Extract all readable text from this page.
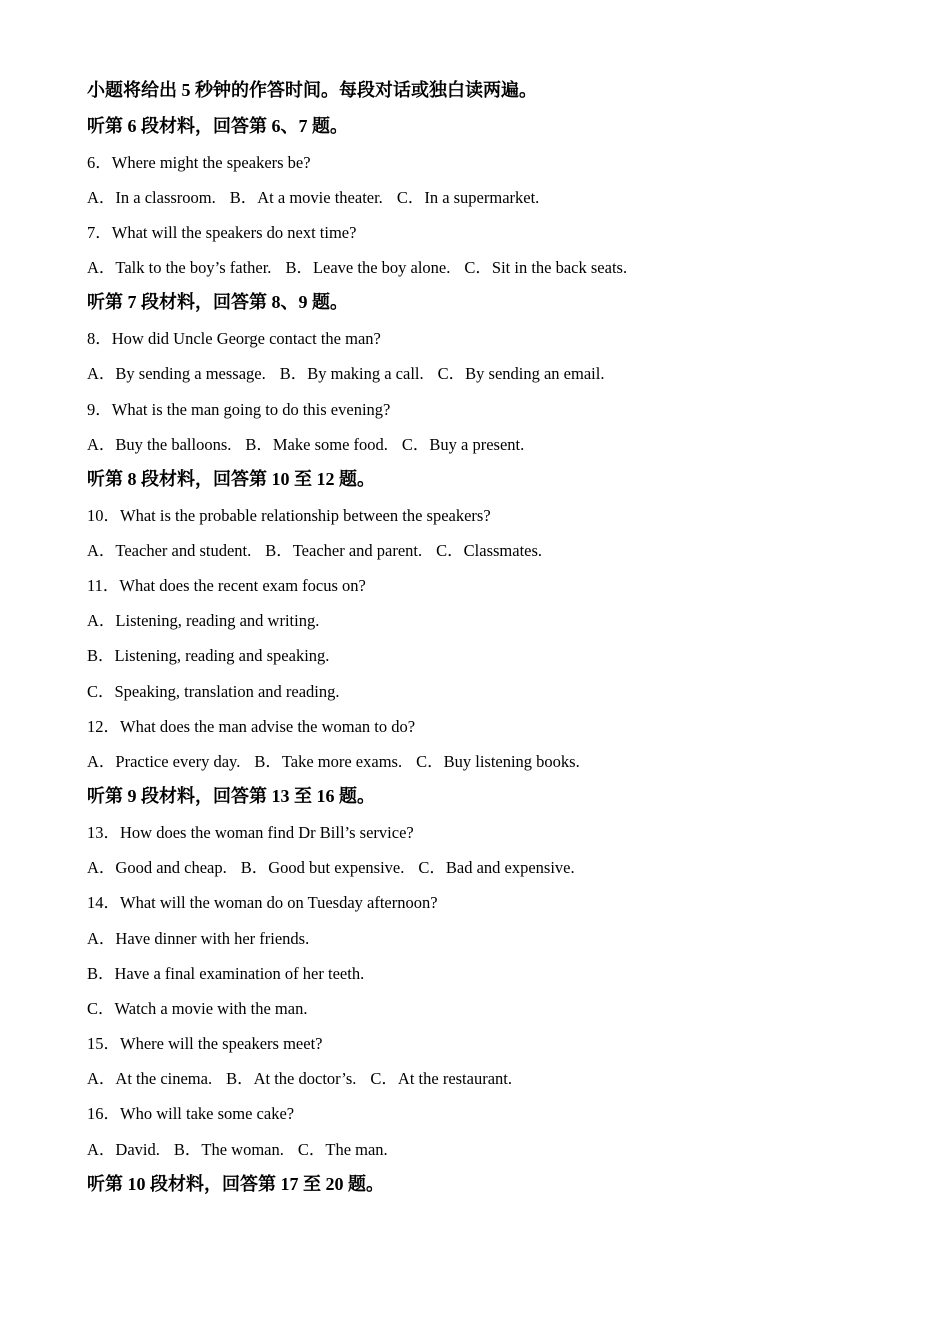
小题将给出 5 秒钟的作答时间。每段对话或独白读两遍。
听第 6 段材料，回答第 6、7 题。
6．Where might the speakers be?
A．In a classroom. B．At a movie theater. C．In a supermarket.
7．What will the speakers do next time?
A．Talk to the boy’s father. B．Leave the boy alone. C．Sit in the back seats.
听第 7 段材料，回答第 8、9 题。
8．How did Uncle George contact the man?
A．By sending a message. B．By making a call. C．By sending an email.
9．What is the man going to do this evening?
A．Buy the balloons. B．Make some food. C．Buy a present.
听第 8 段材料，回答第 10 至 12 题。
10．What is the probable relationship between the speakers?
A．Teacher and student. B．Teacher and parent. C．Classmates.
11．What does the recent exam focus on?
A．Listening, reading and writing.
B．Listening, reading and speaking.
C．Speaking, translation and reading.
12．What does the man advise the woman to do?
A．Practice every day. B．Take more exams. C．Buy listening books.
听第 9 段材料，回答第 13 至 16 题。
13．How does the woman find Dr Bill’s service?
A．Good and cheap. B．Good but expensive. C．Bad and expensive.
14．What will the woman do on Tuesday afternoon?
A．Have dinner with her friends.
B．Have a final examination of her teeth.
C．Watch a movie with the man.
15．Where will the speakers meet?
A．At the cinema. B．At the doctor’s. C．At the restaurant.
16．Who will take some cake?
A．David. B．The woman. C．The man.
听第 10 段材料，回答第 17 至 20 题。
